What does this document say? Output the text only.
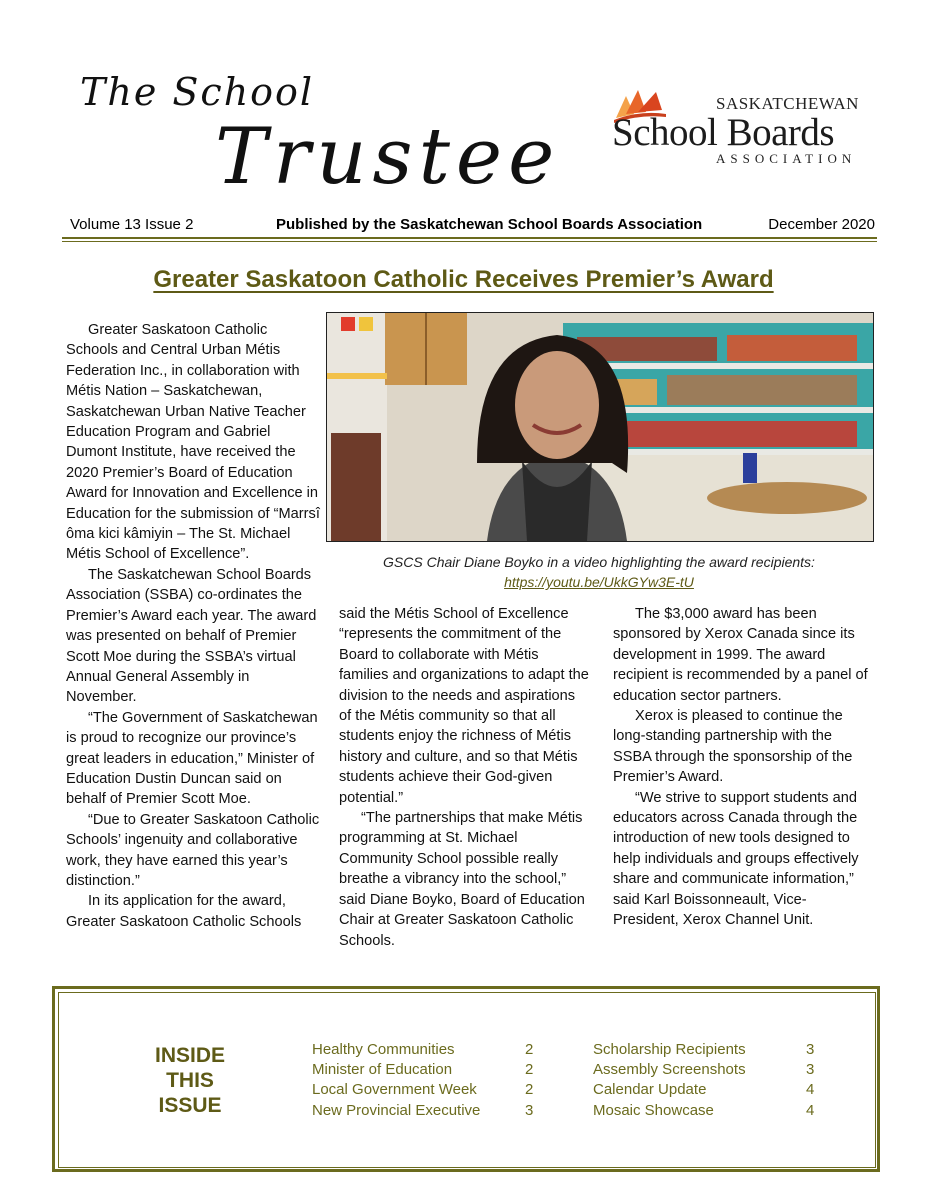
The School
Trustee
SASKATCHEWAN
School Boards
ASSOCIATION
Volume 13 Issue 2	Published by the Saskatchewan School Boards Association	December 2020
Greater Saskatoon Catholic Receives Premier’s Award
GSCS Chair Diane Boyko in a video highlighting the award recipients:
https://youtu.be/UkkGYw3E-tU

Greater Saskatoon Catholic Schools and Central Urban Métis Federation Inc., in collaboration with Métis Nation – Saskatchewan, Saskatchewan Urban Native Teacher Education Program and Gabriel Dumont Institute, have received the 2020 Premier’s Board of Education Award for Innovation and Excellence in Education for the submission of “Marrsî ôma kici kâmiyin – The St. Michael Métis School of Excellence”.

The Saskatchewan School Boards Association (SSBA) co-ordinates the Premier’s Award each year. The award was presented on behalf of Premier Scott Moe during the SSBA’s virtual Annual General Assembly in November.

“The Government of Saskatchewan is proud to recognize our province’s great leaders in education,” Minister of Education Dustin Duncan said on behalf of Premier Scott Moe.

“Due to Greater Saskatoon Catholic Schools’ ingenuity and collaborative work, they have earned this year’s distinction.”

In its application for the award, Greater Saskatoon Catholic Schools

said the Métis School of Excellence “represents the commitment of the Board to collaborate with Métis families and organizations to adapt the division to the needs and aspirations of the Métis community so that all students enjoy the richness of Métis history and culture, and so that Métis students achieve their God-given potential.”

“The partnerships that make Métis programming at St. Michael Community School possible really breathe a vibrancy into the school,” said Diane Boyko, Board of Education Chair at Greater Saskatoon Catholic Schools.

The $3,000 award has been sponsored by Xerox Canada since its development in 1999. The award recipient is recommended by a panel of education sector partners.

Xerox is pleased to continue the long-standing partnership with the SSBA through the sponsorship of the Premier’s Award.

“We strive to support students and educators across Canada through the introduction of new tools designed to help individuals and groups effectively share and communicate information,” said Karl Boissonneault, Vice-President, Xerox Channel Unit.

INSIDE THIS ISSUE
Healthy Communities	2
Minister of Education	2
Local Government Week	2
New Provincial Executive	3
Scholarship Recipients	3
Assembly Screenshots	3
Calendar Update	4
Mosaic Showcase	4
